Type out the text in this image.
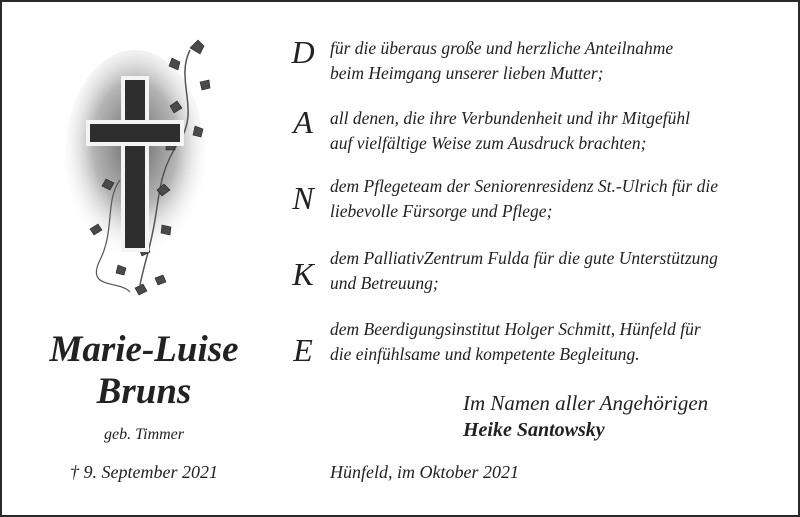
Marie-Luise
Bruns
geb. Timmer
† 9. September 2021
D für die überaus große und herzliche Anteilnahme
beim Heimgang unserer lieben Mutter;
A all denen, die ihre Verbundenheit und ihr Mitgefühl
auf vielfältige Weise zum Ausdruck brachten;
N dem Pflegeteam der Seniorenresidenz St.-Ulrich für die
liebevolle Fürsorge und Pflege;
K dem PalliativZentrum Fulda für die gute Unterstützung
und Betreuung;
E
dem Beerdigungsinstitut Holger Schmitt, Hünfeld für
die einfühlsame und kompetente Begleitung.
Im Namen aller Angehörigen
Heike Santowsky
Hünfeld, im Oktober 2021
